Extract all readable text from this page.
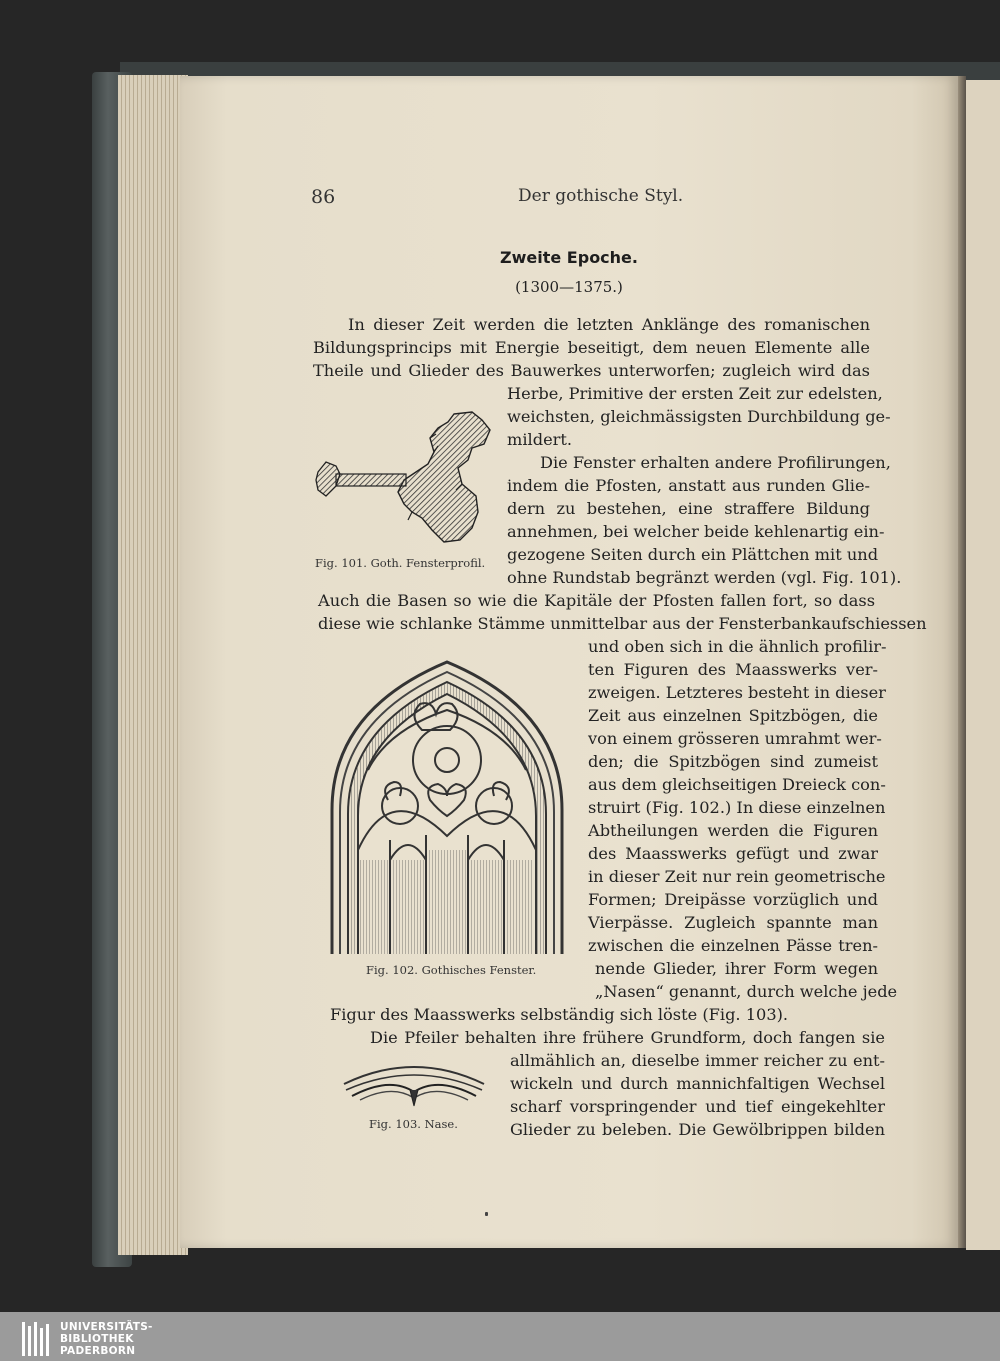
86	Der gothische Styl.
Zweite Epoche.
(1300—1375.)
In dieser Zeit werden die letzten Anklänge des romanischen
Bildungsprincips mit Energie beseitigt, dem neuen Elemente alle
Theile und Glieder des Bauwerkes unterworfen; zugleich wird das
Herbe, Primitive der ersten Zeit zur edelsten,
weichsten, gleichmässigsten Durchbildung ge-
mildert.
Die Fenster erhalten andere Profilirungen,
indem die Pfosten, anstatt aus runden Glie-
dern zu bestehen, eine straffere Bildung
annehmen, bei welcher beide kehlenartig ein-
gezogene Seiten durch ein Plättchen mit und
ohne Rundstab begränzt werden (vgl. Fig. 101).
Auch die Basen so wie die Kapitäle der Pfosten fallen fort, so dass
diese wie schlanke Stämme unmittelbar aus der Fensterbankaufschiessen
und oben sich in die ähnlich profilir-
ten Figuren des Maasswerks ver-
zweigen. Letzteres besteht in dieser
Zeit aus einzelnen Spitzbögen, die
von einem grösseren umrahmt wer-
den; die Spitzbögen sind zumeist
aus dem gleichseitigen Dreieck con-
struirt (Fig. 102.) In diese einzelnen
Abtheilungen werden die Figuren
des Maasswerks gefügt und zwar
in dieser Zeit nur rein geometrische
Formen; Dreipässe vorzüglich und
Vierpässe. Zugleich spannte man
zwischen die einzelnen Pässe tren-
nende Glieder, ihrer Form wegen
„Nasen“ genannt, durch welche jede
Figur des Maasswerks selbständig sich löste (Fig. 103).
Die Pfeiler behalten ihre frühere Grundform, doch fangen sie
allmählich an, dieselbe immer reicher zu ent-
wickeln und durch mannichfaltigen Wechsel
scharf vorspringender und tief eingekehlter
Glieder zu beleben. Die Gewölbrippen bilden
Fig. 101. Goth. Fensterprofil.
Fig. 102. Gothisches Fenster.
Fig. 103. Nase.
UNIVERSITÄTS-
BIBLIOTHEK
PADERBORN
